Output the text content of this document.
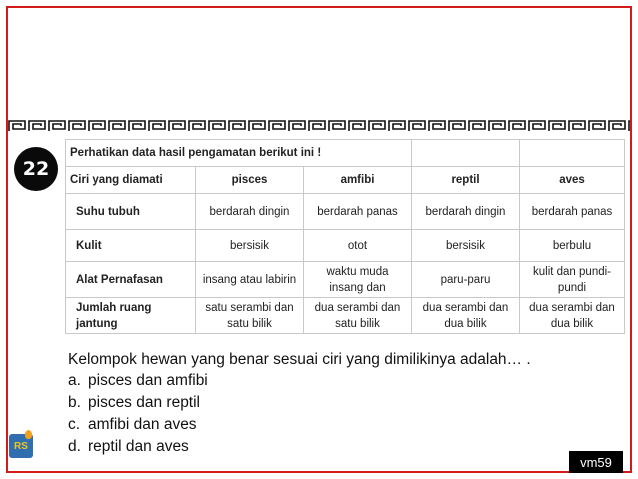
22
Perhatikan data hasil pengamatan berikut ini !				
Ciri yang diamati	pisces	amfibi	reptil	aves
Suhu tubuh	berdarah dingin	berdarah panas	berdarah dingin	berdarah panas
Kulit	bersisik	otot	bersisik	berbulu
Alat Pernafasan	insang atau labirin	waktu muda insang dan	paru-paru	kulit dan pundi-pundi
Jumlah ruang jantung	satu serambi dan satu bilik	dua serambi dan satu bilik	dua serambi dan dua bilik	dua serambi dan dua bilik
Kelompok hewan yang benar sesuai ciri yang dimilikinya adalah… .
a. pisces dan amfibi
b. pisces dan reptil
c. amfibi dan aves
d. reptil dan aves
RS
vm59
